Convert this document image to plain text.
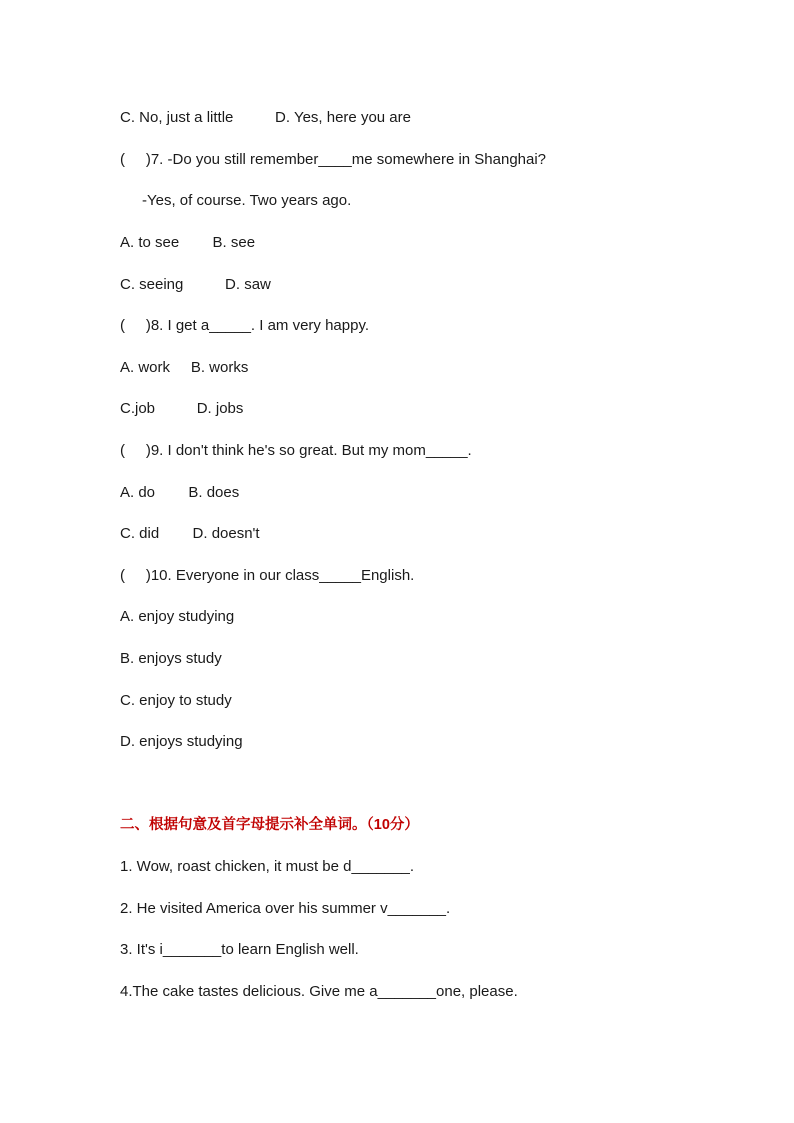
C. No, just a little          D. Yes, here you are
(     )7. -Do you still remember____me somewhere in Shanghai?
-Yes, of course. Two years ago.
A. to see        B. see
C. seeing          D. saw
(     )8. I get a_____. I am very happy.
A. work     B. works
C.job          D. jobs
(     )9. I don't think he's so great. But my mom_____.
A. do        B. does
C. did        D. doesn't
(     )10. Everyone in our class_____English.
A. enjoy studying
B. enjoys study
C. enjoy to study
D. enjoys studying
二、根据句意及首字母提示补全单词。（10分）
1. Wow, roast chicken, it must be d_______.
2. He visited America over his summer v_______.
3. It's i_______to learn English well.
4.The cake tastes delicious. Give me a_______one, please.
